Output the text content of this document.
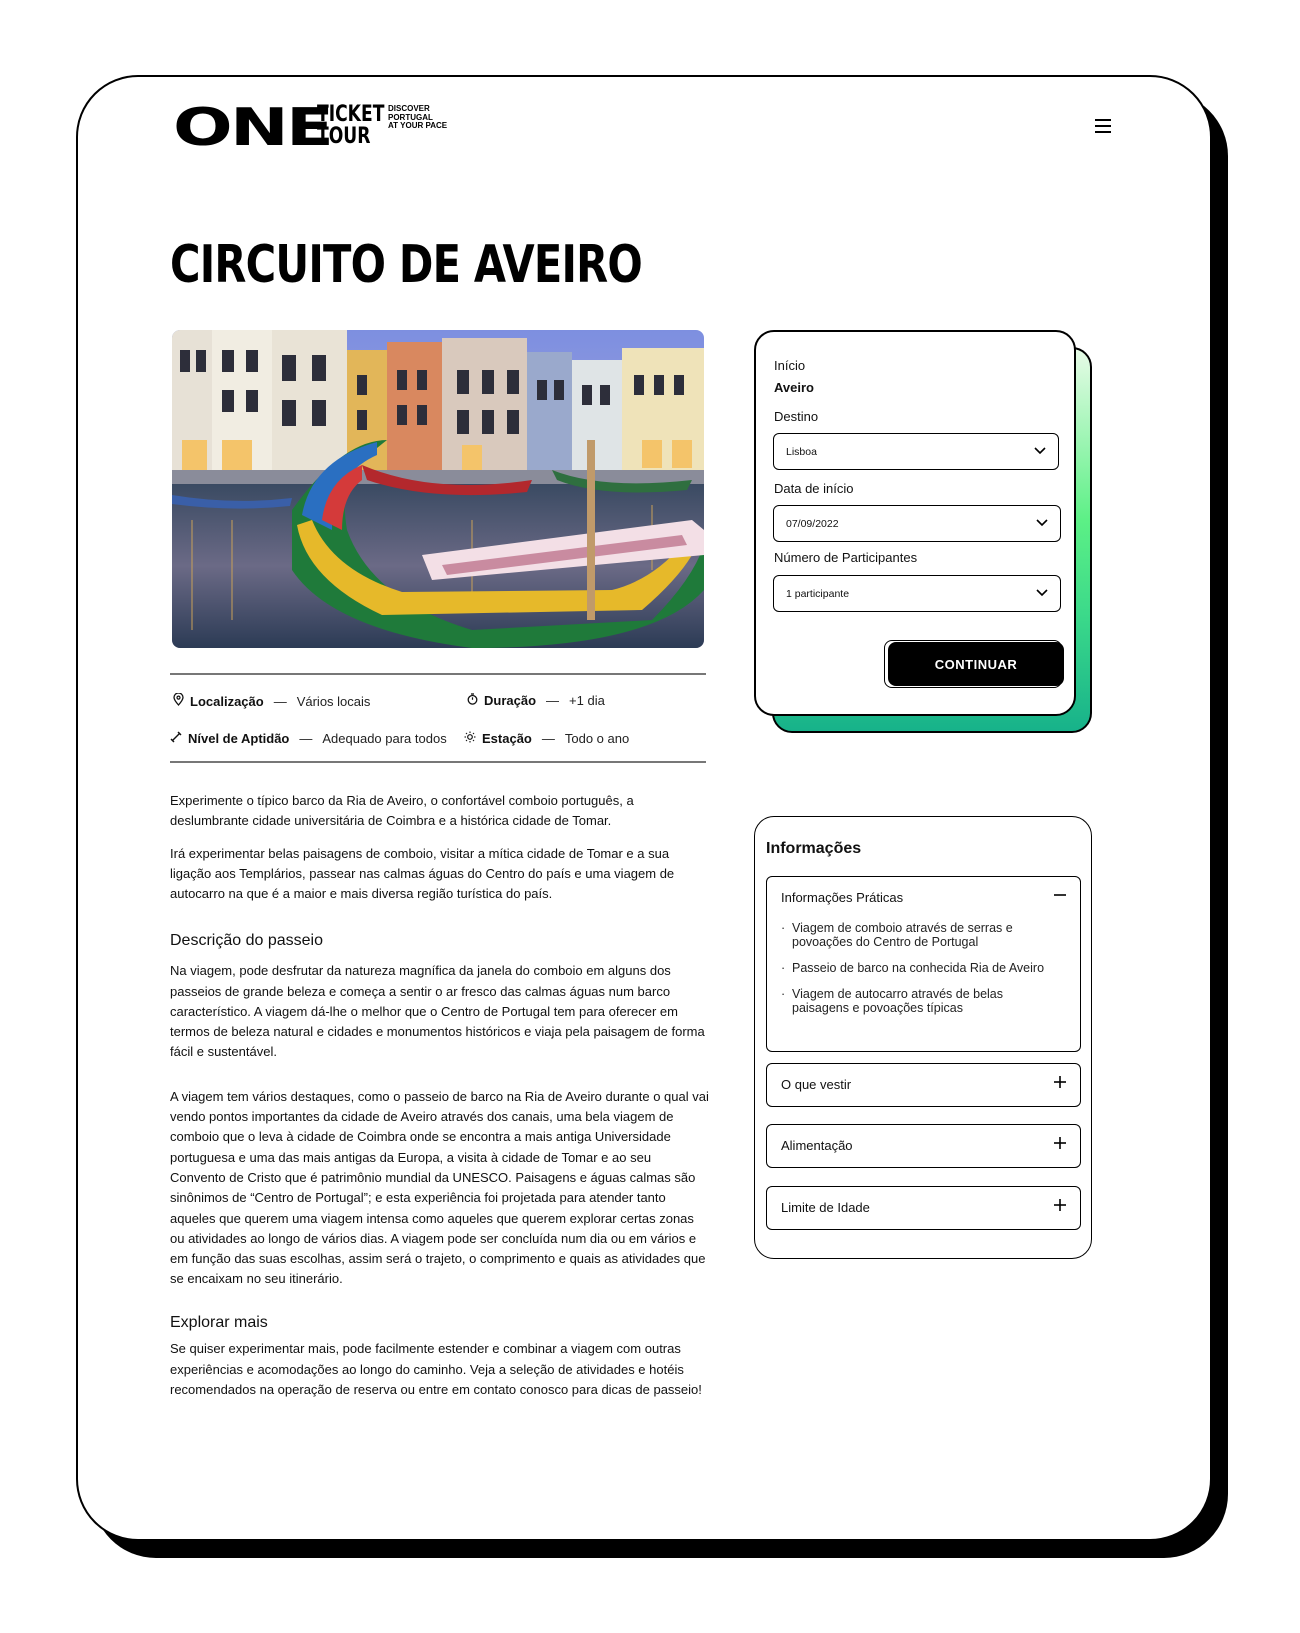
ONE
TICKET
TOUR
DISCOVER
PORTUGAL
AT YOUR PACE
CIRCUITO DE AVEIRO
Localização — Vários locais	Duração — +1 dia
Nível de Aptidão — Adequado para todos	Estação — Todo o ano

Experimente o típico barco da Ria de Aveiro, o confortável comboio português, a deslumbrante cidade universitária de Coimbra e a histórica cidade de Tomar.

Irá experimentar belas paisagens de comboio, visitar a mítica cidade de Tomar e a sua ligação aos Templários, passear nas calmas águas do Centro do país e uma viagem de autocarro na que é a maior e mais diversa região turística do país.

Descrição do passeio

Na viagem, pode desfrutar da natureza magnífica da janela do comboio em alguns dos passeios de grande beleza e começa a sentir o ar fresco das calmas águas num barco característico. A viagem dá-lhe o melhor que o Centro de Portugal tem para oferecer em termos de beleza natural e cidades e monumentos históricos e viaja pela paisagem de forma fácil e sustentável.

A viagem tem vários destaques, como o passeio de barco na Ria de Aveiro durante o qual vai vendo pontos importantes da cidade de Aveiro através dos canais, uma bela viagem de comboio que o leva à cidade de Coimbra onde se encontra a mais antiga Universidade portuguesa e uma das mais antigas da Europa, a visita à cidade de Tomar e ao seu Convento de Cristo que é patrimônio mundial da UNESCO. Paisagens e águas calmas são sinônimos de “Centro de Portugal”; e esta experiência foi projetada para atender tanto aqueles que querem uma viagem intensa como aqueles que querem explorar certas zonas ou atividades ao longo de vários dias. A viagem pode ser concluída num dia ou em vários e em função das suas escolhas, assim será o trajeto, o comprimento e quais as atividades que se encaixam no seu itinerário.

Explorar mais

Se quiser experimentar mais, pode facilmente estender e combinar a viagem com outras experiências e acomodações ao longo do caminho. Veja a seleção de atividades e hotéis recomendados na operação de reserva ou entre em contato conosco para dicas de passeio!

Início
Aveiro
Destino
Lisboa
Data de início
07/09/2022
Número de Participantes
1 participante
CONTINUAR
Informações
Informações Práticas
· Viagem de comboio através de serras e povoações do Centro de Portugal
· Passeio de barco na conhecida Ria de Aveiro
· Viagem de autocarro através de belas paisagens e povoações típicas
O que vestir
Alimentação
Limite de Idade
